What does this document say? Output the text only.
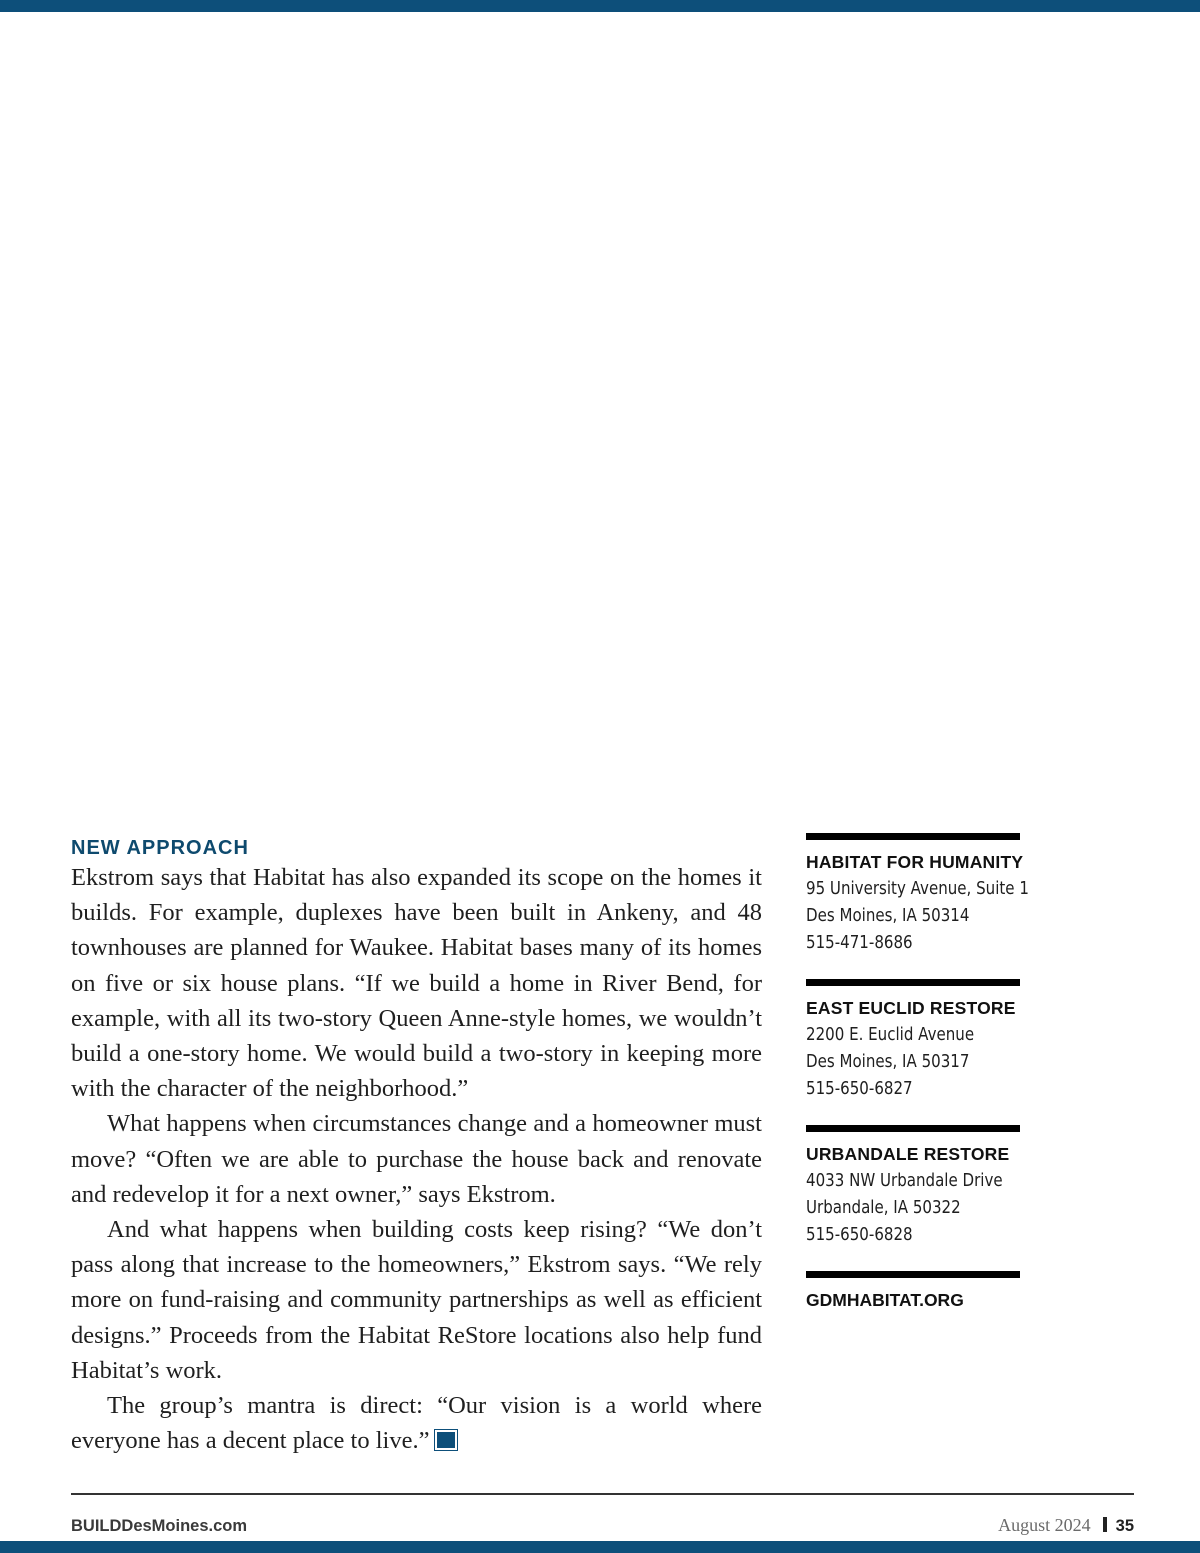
NEW APPROACH

Ekstrom says that Habitat has also expanded its scope on the homes it builds. For example, duplexes have been built in Ankeny, and 48 townhouses are planned for Waukee. Habitat bases many of its homes on five or six house plans. “If we build a home in River Bend, for example, with all its two-story Queen Anne-style homes, we wouldn’t build a one-story home. We would build a two-story in keeping more with the character of the neighborhood.”

What happens when circumstances change and a homeowner must move? “Often we are able to purchase the house back and renovate and redevelop it for a next owner,” says Ekstrom.

And what happens when building costs keep rising? “We don’t pass along that increase to the homeowners,” Ekstrom says. “We rely more on fund-raising and community partnerships as well as efficient designs.” Proceeds from the Habitat ReStore locations also help fund Habitat’s work.

The group’s mantra is direct: “Our vision is a world where everyone has a decent place to live.” B

HABITAT FOR HUMANITY
95 University Avenue, Suite 1
Des Moines, IA 50314
515-471-8686
EAST EUCLID RESTORE
2200 E. Euclid Avenue
Des Moines, IA 50317
515-650-6827
URBANDALE RESTORE
4033 NW Urbandale Drive
Urbandale, IA 50322
515-650-6828
GDMHABITAT.ORG
BUILDDesMoines.com	August 2024 35
